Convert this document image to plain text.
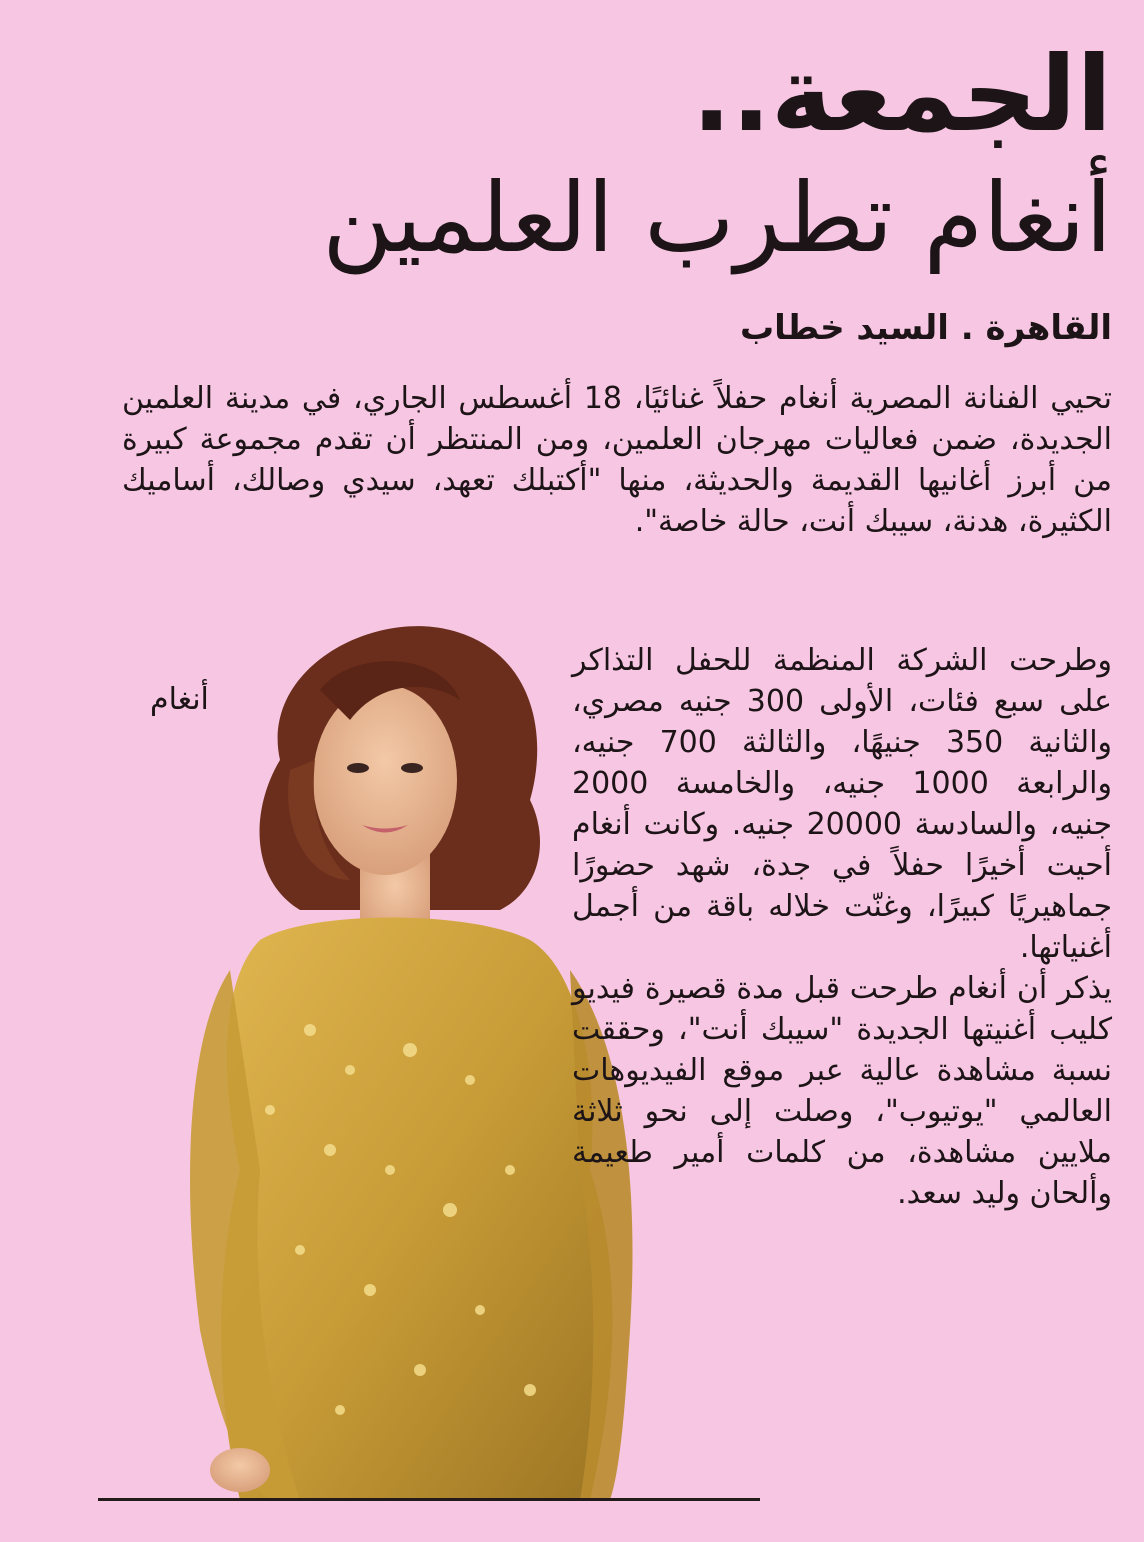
الجمعة..
أنغام تطرب العلمين
القاهرة . السيد خطاب

تحيي الفنانة المصرية أنغام حفلاً غنائيًا، 18 أغسطس الجاري، في مدينة العلمين الجديدة، ضمن فعاليات مهرجان العلمين، ومن المنتظر أن تقدم مجموعة كبيرة من أبرز أغانيها القديمة والحديثة، منها "أكتبلك تعهد، سيدي وصالك، أساميك الكثيرة، هدنة، سيبك أنت، حالة خاصة".

أنغام

وطرحت الشركة المنظمة للحفل التذاكر على سبع فئات، الأولى 300 جنيه مصري، والثانية 350 جنيهًا، والثالثة 700 جنيه، والرابعة 1000 جنيه، والخامسة 2000 جنيه، والسادسة 20000 جنيه. وكانت أنغام أحيت أخيرًا حفلاً في جدة، شهد حضورًا جماهيريًا كبيرًا، وغنّت خلاله باقة من أجمل أغنياتها.

يذكر أن أنغام طرحت قبل مدة قصيرة فيديو كليب أغنيتها الجديدة "سيبك أنت"، وحققت نسبة مشاهدة عالية عبر موقع الفيديوهات العالمي "يوتيوب"، وصلت إلى نحو ثلاثة ملايين مشاهدة، من كلمات أمير طعيمة وألحان وليد سعد.
